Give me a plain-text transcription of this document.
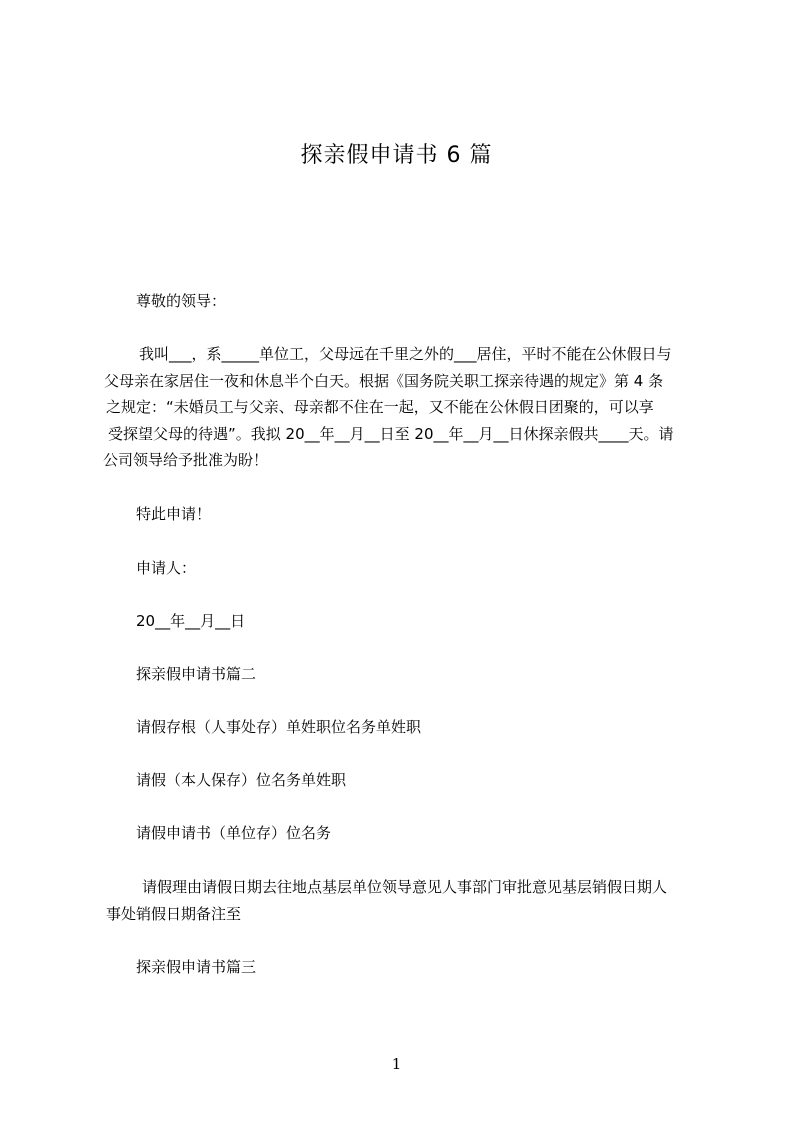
探亲假申请书 6 篇
尊敬的领导：
我叫___，系_____单位工，父母远在千里之外的___居住，平时不能在公休假日与
父母亲在家居住一夜和休息半个白天。根据《国务院关职工探亲待遇的规定》第 4 条
之规定：“未婚员工与父亲、母亲都不住在一起，又不能在公休假日团聚的，可以享
受探望父母的待遇”。我拟 20__年__月__日至 20__年__月__日休探亲假共____天。请
公司领导给予批准为盼！
特此申请！
申请人：
20__年__月__日
探亲假申请书篇二
请假存根（人事处存）单姓职位名务单姓职
请假（本人保存）位名务单姓职
请假申请书（单位存）位名务
请假理由请假日期去往地点基层单位领导意见人事部门审批意见基层销假日期人
事处销假日期备注至
探亲假申请书篇三
1
